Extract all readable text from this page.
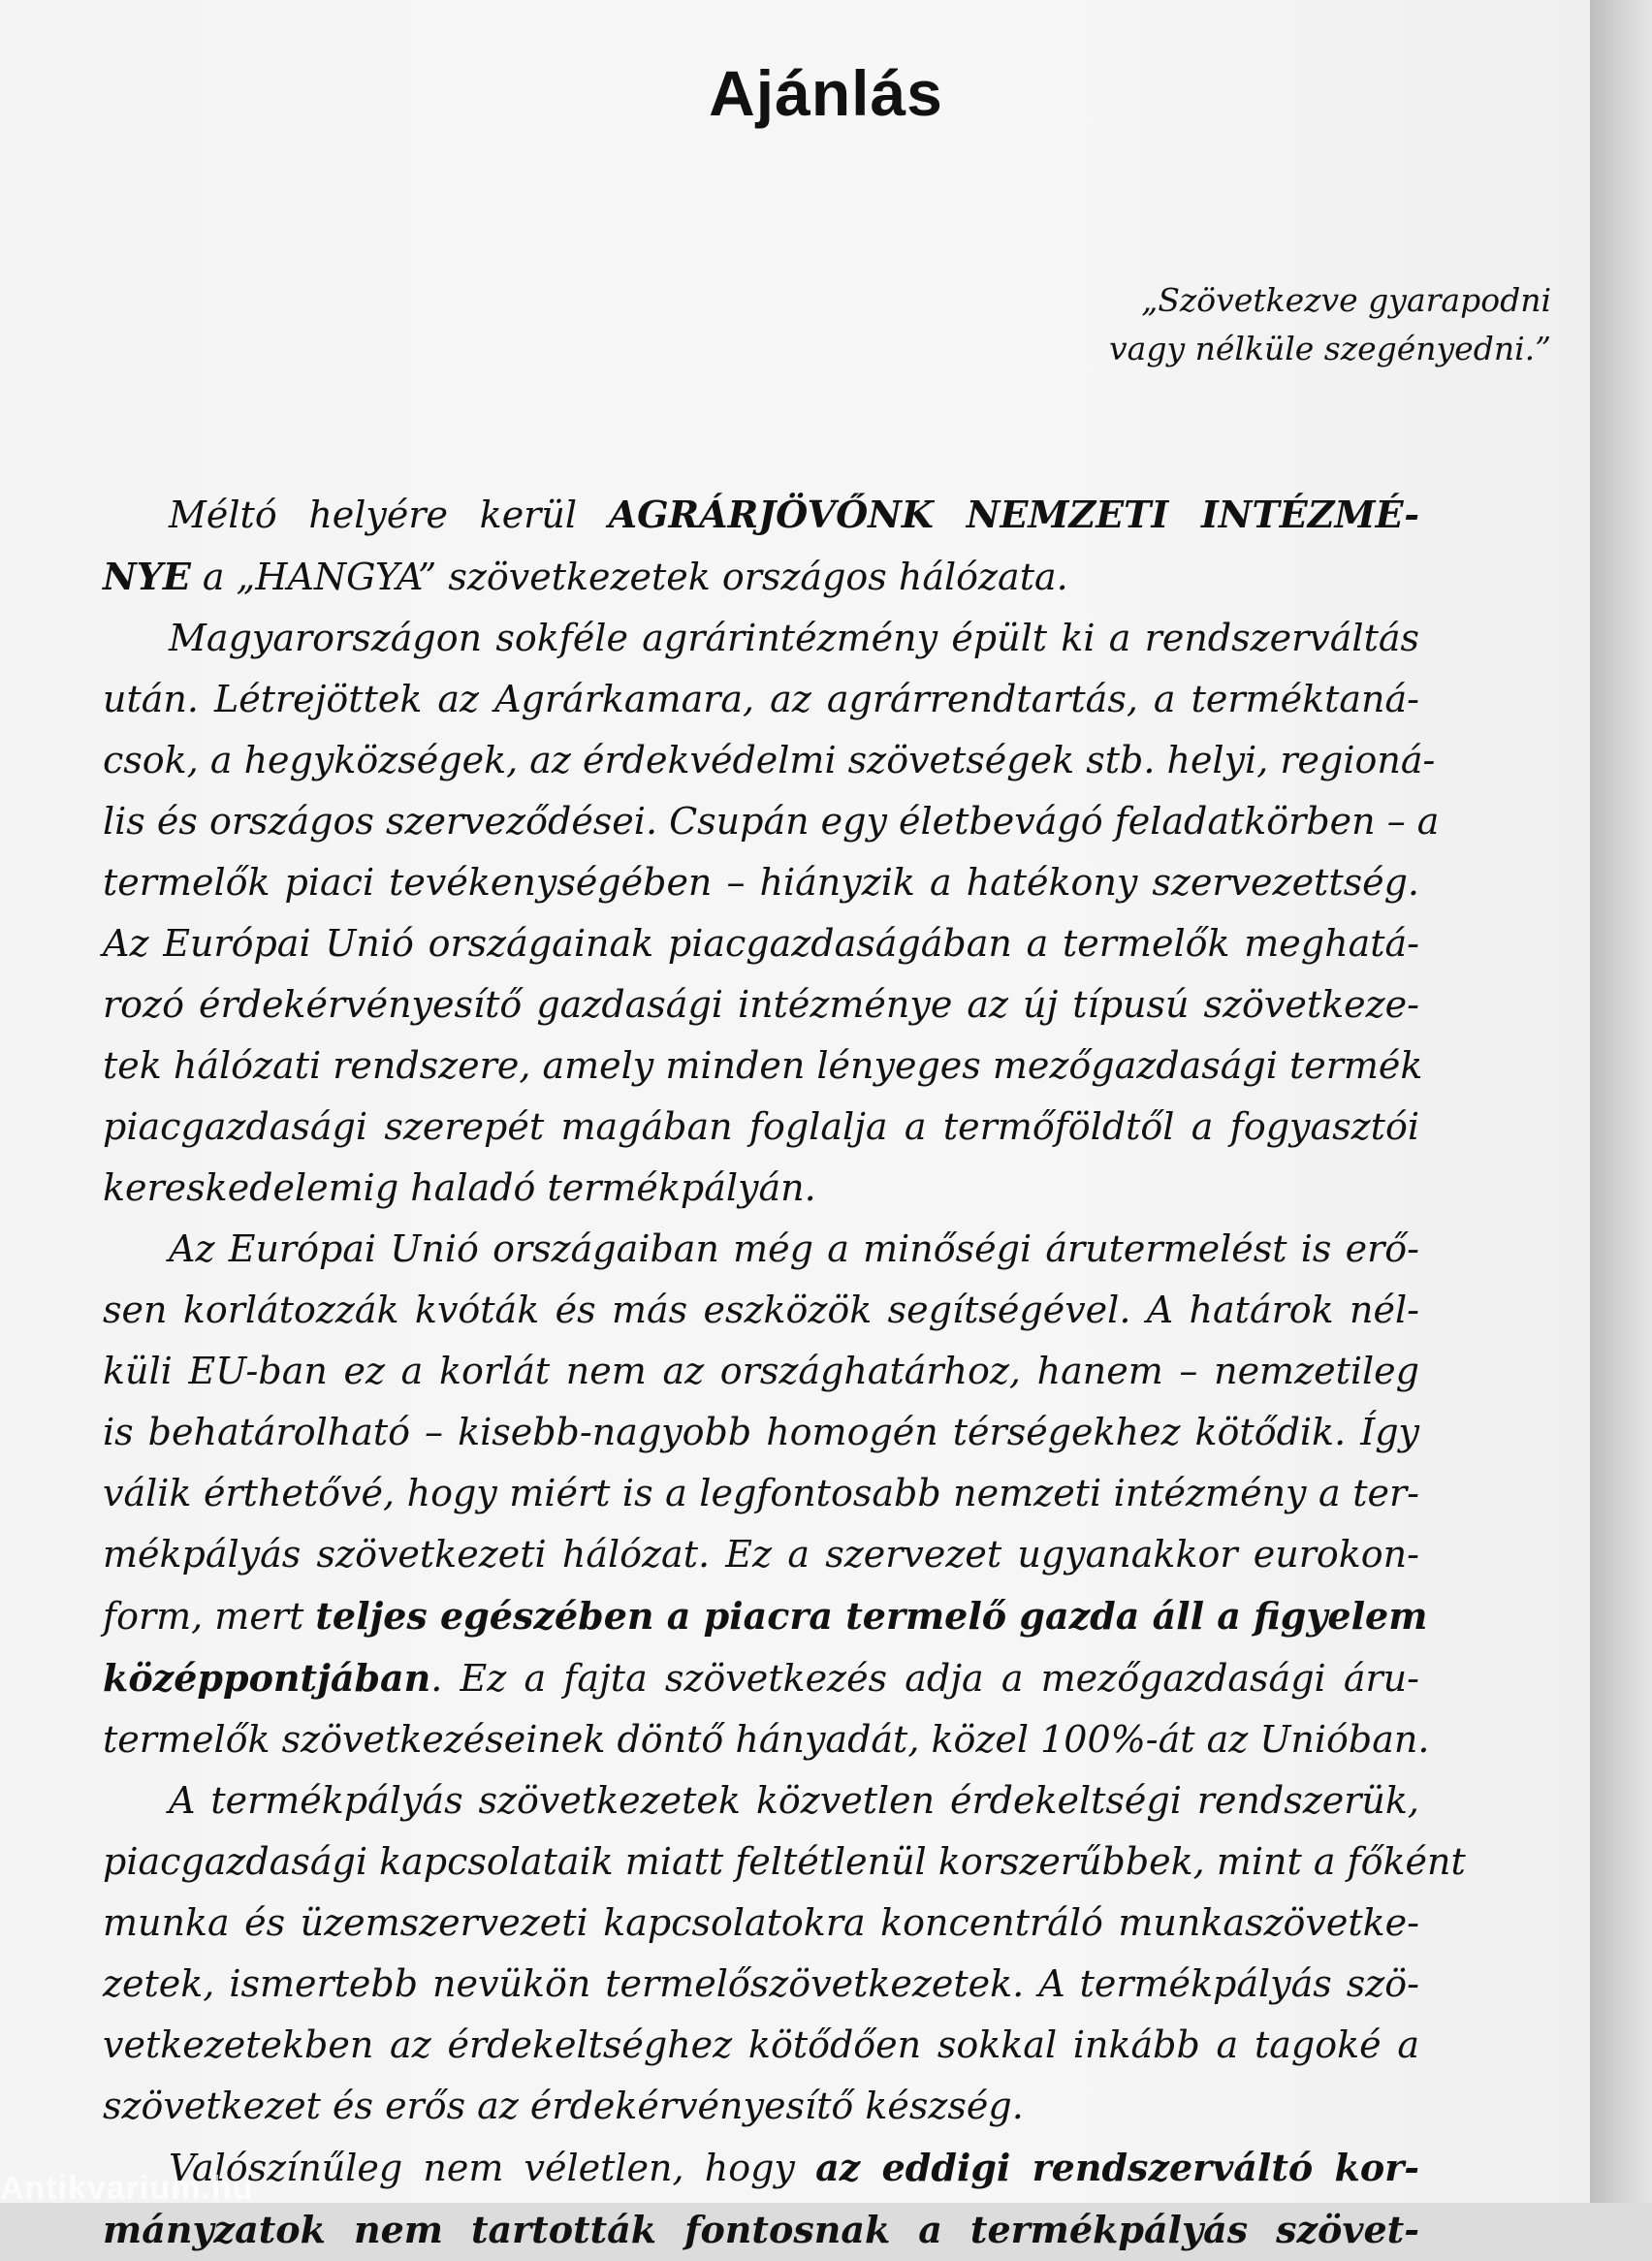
Ajánlás
„Szövetkezve gyarapodni
vagy nélküle szegényedni.”
Méltó helyére kerül AGRÁRJÖVŐNK NEMZETI INTÉZMÉ-
NYE a „HANGYA” szövetkezetek országos hálózata.
Magyarországon sokféle agrárintézmény épült ki a rendszerváltás
után. Létrejöttek az Agrárkamara, az agrárrendtartás, a terméktaná-
csok, a hegyközségek, az érdekvédelmi szövetségek stb. helyi, regioná-
lis és országos szerveződései. Csupán egy életbevágó feladatkörben – a
termelők piaci tevékenységében – hiányzik a hatékony szervezettség.
Az Európai Unió országainak piacgazdaságában a termelők meghatá-
rozó érdekérvényesítő gazdasági intézménye az új típusú szövetkeze-
tek hálózati rendszere, amely minden lényeges mezőgazdasági termék
piacgazdasági szerepét magában foglalja a termőföldtől a fogyasztói
kereskedelemig haladó termékpályán.
Az Európai Unió országaiban még a minőségi árutermelést is erő-
sen korlátozzák kvóták és más eszközök segítségével. A határok nél-
küli EU-ban ez a korlát nem az országhatárhoz, hanem – nemzetileg
is behatárolható – kisebb-nagyobb homogén térségekhez kötődik. Így
válik érthetővé, hogy miért is a legfontosabb nemzeti intézmény a ter-
mékpályás szövetkezeti hálózat. Ez a szervezet ugyanakkor eurokon-
form, mert teljes egészében a piacra termelő gazda áll a figyelem
középpontjában. Ez a fajta szövetkezés adja a mezőgazdasági áru-
termelők szövetkezéseinek döntő hányadát, közel 100%-át az Unióban.
A termékpályás szövetkezetek közvetlen érdekeltségi rendszerük,
piacgazdasági kapcsolataik miatt feltétlenül korszerűbbek, mint a főként
munka és üzemszervezeti kapcsolatokra koncentráló munkaszövetke-
zetek, ismertebb nevükön termelőszövetkezetek. A termékpályás szö-
vetkezetekben az érdekeltséghez kötődően sokkal inkább a tagoké a
szövetkezet és erős az érdekérvényesítő készség.
Valószínűleg nem véletlen, hogy az eddigi rendszerváltó kor-
mányzatok nem tartották fontosnak a termékpályás szövet-
Antikvarium.hu
